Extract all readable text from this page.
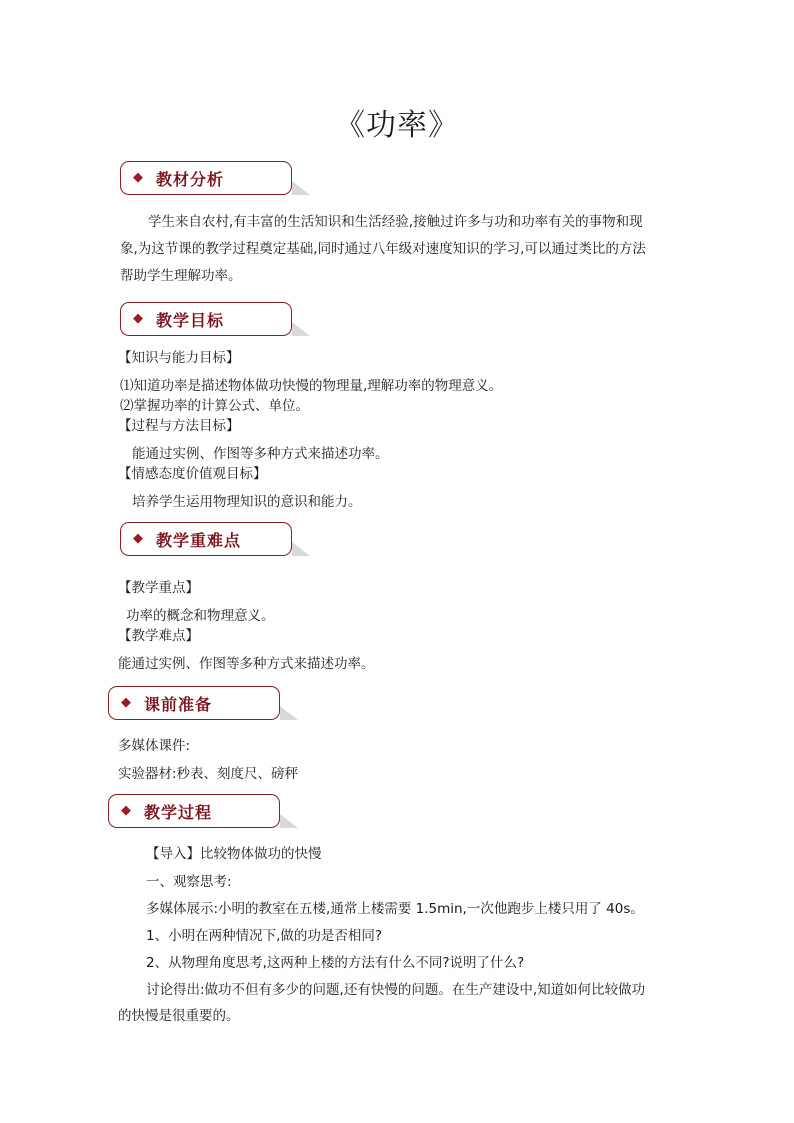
《功率》
◆ 教材分析
学生来自农村,有丰富的生活知识和生活经验,接触过许多与功和功率有关的事物和现
象,为这节课的教学过程奠定基础,同时通过八年级对速度知识的学习,可以通过类比的方法
帮助学生理解功率。
◆ 教学目标
【知识与能力目标】
⑴知道功率是描述物体做功快慢的物理量,理解功率的物理意义。
⑵掌握功率的计算公式、单位。
【过程与方法目标】
能通过实例、作图等多种方式来描述功率。
【情感态度价值观目标】
培养学生运用物理知识的意识和能力。
◆ 教学重难点
【教学重点】
功率的概念和物理意义。
【教学难点】
能通过实例、作图等多种方式来描述功率。
◆ 课前准备
多媒体课件:
实验器材:秒表、刻度尺、磅秤
◆ 教学过程
【导入】比较物体做功的快慢
一、观察思考:
多媒体展示:小明的教室在五楼,通常上楼需要 1.5min,一次他跑步上楼只用了 40s。
1、小明在两种情况下,做的功是否相同?
2、从物理角度思考,这两种上楼的方法有什么不同?说明了什么?
讨论得出:做功不但有多少的问题,还有快慢的问题。在生产建设中,知道如何比较做功
的快慢是很重要的。
